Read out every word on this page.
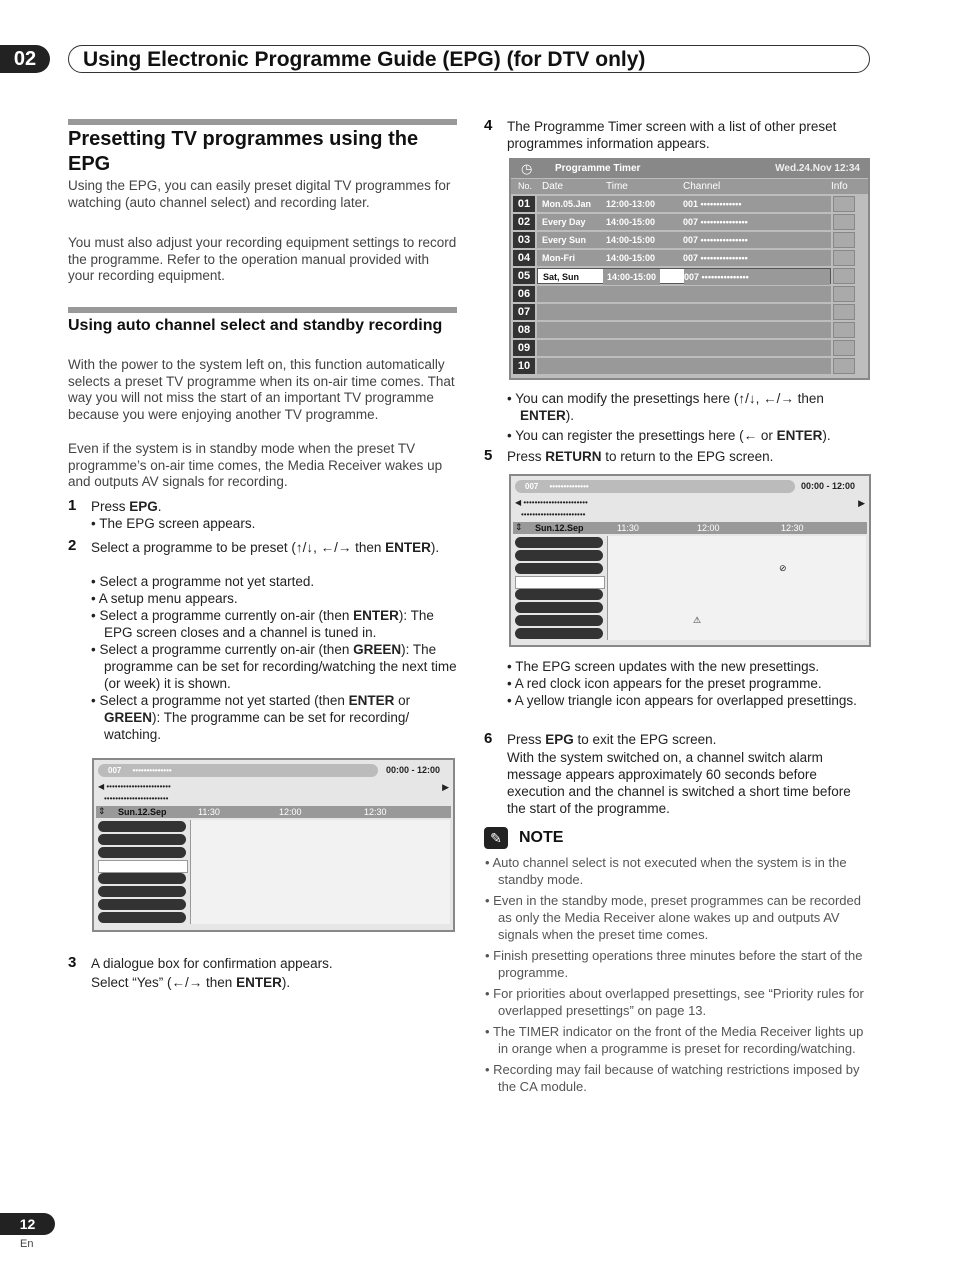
02	Using Electronic Programme Guide (EPG) (for DTV only)
Presetting TV programmes using the EPG

Using the EPG, you can easily preset digital TV programmes for watching (auto channel select) and recording later.

You must also adjust your recording equipment settings to record the programme. Refer to the operation manual provided with your recording equipment.

Using auto channel select and standby recording

With the power to the system left on, this function automatically selects a preset TV programme when its on-air time comes. That way you will not miss the start of an important TV programme because you were enjoying another TV programme.

Even if the system is in standby mode when the preset TV programme’s on-air time comes, the Media Receiver wakes up and outputs AV signals for recording.

1 Press EPG.
• The EPG screen appears.
2 Select a programme to be preset (↑/↓, ←/→ then ENTER).
• Select a programme not yet started.
• A setup menu appears.
• Select a programme currently on-air (then ENTER): The EPG screen closes and a channel is tuned in.
• Select a programme currently on-air (then GREEN): The programme can be set for recording/watching the next time (or week) it is shown.
• Select a programme not yet started (then ENTER or GREEN): The programme can be set for recording/ watching.
007 ••••••••••••••	00:00 - 12:00
◀ •••••••••••••••••••••••
•••••••••••••••••••••••
▶
⇕ Sun.12.Sep	11:30	12:00	12:30
3 A dialogue box for confirmation appears.
Select “Yes” (←/→ then ENTER).
4 The Programme Timer screen with a list of other preset programmes information appears.
◷ Programme Timer	Wed.24.Nov 12:34
No. Date	Time	Channel	Info
01	Mon.05.Jan 12:00-13:00	001 •••••••••••••
02	Every Day 14:00-15:00	007 •••••••••••••••
03	Every Sun 14:00-15:00	007 •••••••••••••••
04	Mon-Fri	14:00-15:00	007 •••••••••••••••
05	Sat, Sun	14:00-15:00	007 •••••••••••••••
06
07
08
09
10
• You can modify the presettings here (↑/↓, ←/→ then ENTER).
• You can register the presettings here (← or ENTER).
5 Press RETURN to return to the EPG screen.
007 ••••••••••••••	00:00 - 12:00
◀ •••••••••••••••••••••••
•••••••••••••••••••••••
▶
⇕ Sun.12.Sep	11:30	12:00	12:30
⊘
⚠
• The EPG screen updates with the new presettings.
• A red clock icon appears for the preset programme.
• A yellow triangle icon appears for overlapped presettings.
6 Press EPG to exit the EPG screen.
With the system switched on, a channel switch alarm message appears approximately 60 seconds before execution and the channel is switched a short time before the start of the programme.
✎	NOTE
• Auto channel select is not executed when the system is in the standby mode.
• Even in the standby mode, preset programmes can be recorded as only the Media Receiver alone wakes up and outputs AV signals when the preset time comes.
• Finish presetting operations three minutes before the start of the programme.
• For priorities about overlapped presettings, see “Priority rules for overlapped presettings” on page 13.
• The TIMER indicator on the front of the Media Receiver lights up in orange when a programme is preset for recording/watching.
• Recording may fail because of watching restrictions imposed by the CA module.
12
En
